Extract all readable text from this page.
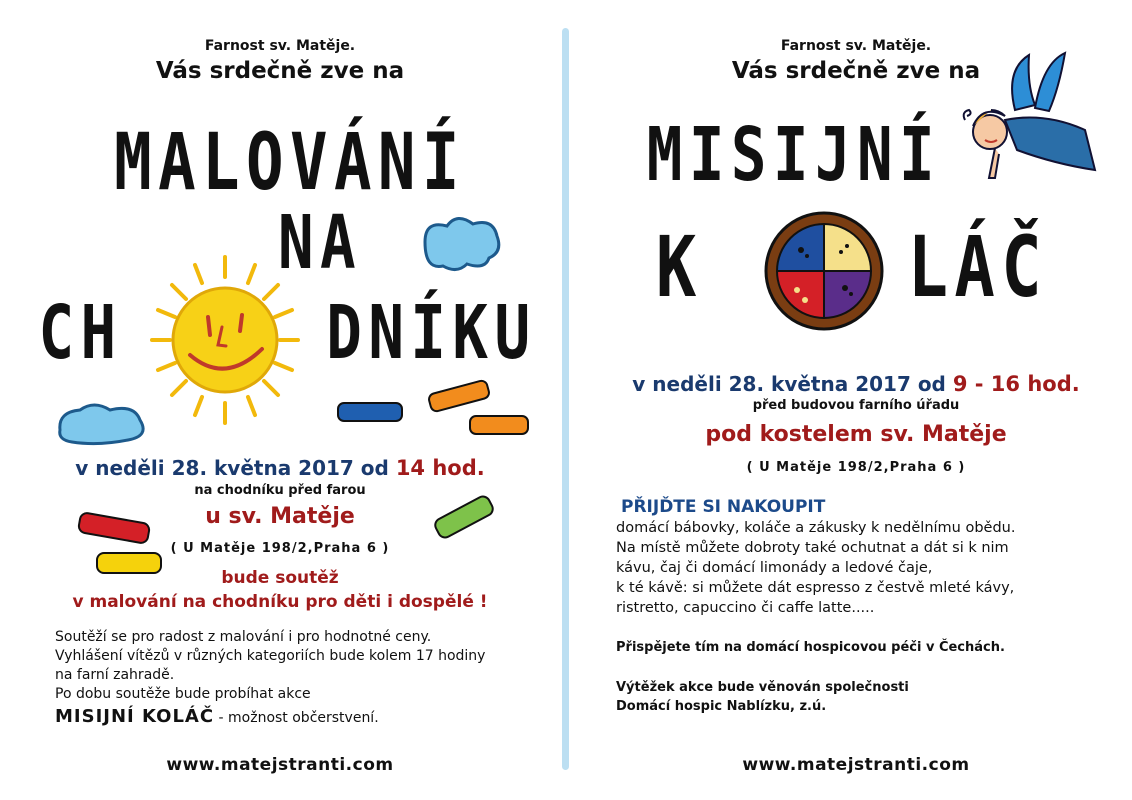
Farnost sv. Matěje.
Vás srdečně zve na
MALOVÁNÍ
NA
CH	DNÍKU
v neděli 28. května 2017 od 14 hod.
na chodníku před farou
u sv. Matěje
( U Matěje 198/2,Praha 6 )
bude soutěž
v malování na chodníku pro děti i dospělé !
Soutěží se pro radost z malování i pro hodnotné ceny.
Vyhlášení vítězů v různých kategoriích bude kolem 17 hodiny
na farní zahradě.
Po dobu soutěže bude probíhat akce
MISIJNÍ KOLÁČ - možnost občerstvení.
www.matejstranti.com
Farnost sv. Matěje.
Vás srdečně zve na
MISIJNÍ
K LÁČ
v neděli 28. května 2017 od 9 - 16 hod.
před budovou farního úřadu
pod kostelem sv. Matěje
( U Matěje 198/2,Praha 6 )
PŘIJĎTE SI NAKOUPIT
domácí bábovky, koláče a zákusky k nedělnímu obědu.
Na místě můžete dobroty také ochutnat a dát si k nim
kávu, čaj či domácí limonády a ledové čaje,
k té kávě: si můžete dát espresso z čestvě mleté kávy,
ristretto, capuccino či caffe latte.....
Přispějete tím na domácí hospicovou péči v Čechách.
Výtěžek akce bude věnován společnosti
Domácí hospic Nablízku, z.ú.
www.matejstranti.com
